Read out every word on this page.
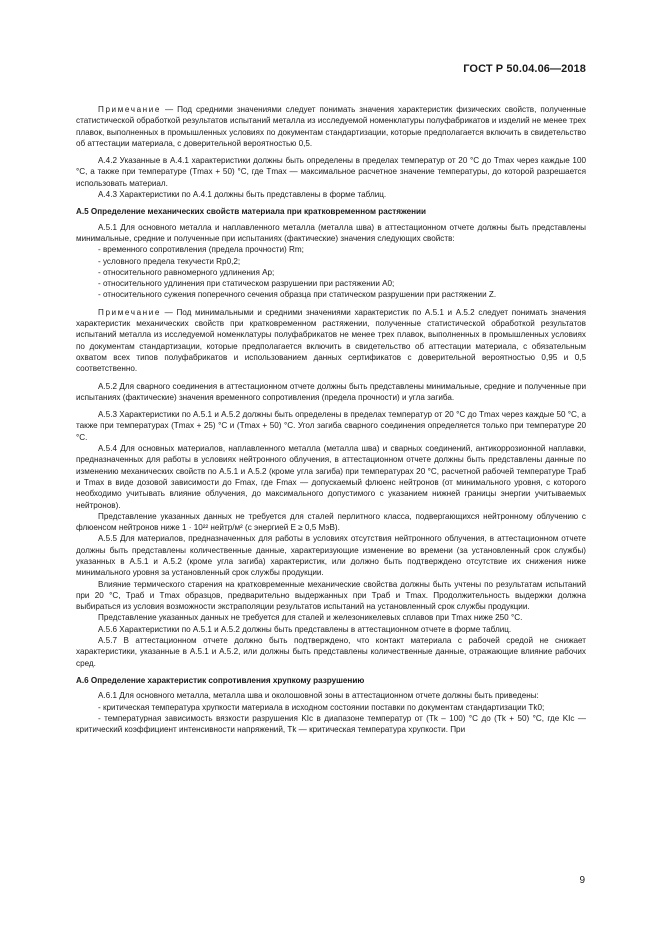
ГОСТ Р 50.04.06—2018

Примечание — Под средними значениями следует понимать значения характеристик физических свойств, полученные статистической обработкой результатов испытаний металла из исследуемой номенклатуры полуфабрикатов и изделий не менее трех плавок, выполненных в промышленных условиях по документам стандартизации, которые предполагается включить в свидетельство об аттестации материала, с доверительной вероятностью 0,5.

А.4.2 Указанные в А.4.1 характеристики должны быть определены в пределах температур от 20 °С до Tmax через каждые 100 °С, а также при температуре (Tmax + 50) °С, где Tmax — максимальное расчетное значение температуры, до которой разрешается использовать материал.

А.4.3 Характеристики по А.4.1 должны быть представлены в форме таблиц.

А.5 Определение механических свойств материала при кратковременном растяжении

А.5.1 Для основного металла и наплавленного металла (металла шва) в аттестационном отчете должны быть представлены минимальные, средние и полученные при испытаниях (фактические) значения следующих свойств:

- временного сопротивления (предела прочности) Rm;

- условного предела текучести Rp0,2;

- относительного равномерного удлинения Ap;

- относительного удлинения при статическом разрушении при растяжении A0;

- относительного сужения поперечного сечения образца при статическом разрушении при растяжении Z.

Примечание — Под минимальными и средними значениями характеристик по А.5.1 и А.5.2 следует понимать значения характеристик механических свойств при кратковременном растяжении, полученные статистической обработкой результатов испытаний металла из исследуемой номенклатуры полуфабрикатов не менее трех плавок, выполненных в промышленных условиях по документам стандартизации, которые предполагается включить в свидетельство об аттестации материала, с обязательным охватом всех типов полуфабрикатов и использованием данных сертификатов с доверительной вероятностью 0,95 и 0,5 соответственно.

А.5.2 Для сварного соединения в аттестационном отчете должны быть представлены минимальные, средние и полученные при испытаниях (фактические) значения временного сопротивления (предела прочности) и угла загиба.

А.5.3 Характеристики по А.5.1 и А.5.2 должны быть определены в пределах температур от 20 °С до Tmax через каждые 50 °С, а также при температурах (Tmax + 25) °С и (Tmax + 50) °С. Угол загиба сварного соединения определяется только при температуре 20 °С.

А.5.4 Для основных материалов, наплавленного металла (металла шва) и сварных соединений, антикоррозионной наплавки, предназначенных для работы в условиях нейтронного облучения, в аттестационном отчете должны быть представлены данные по изменению механических свойств по А.5.1 и А.5.2 (кроме угла загиба) при температурах 20 °С, расчетной рабочей температуре Tраб и Tmax в виде дозовой зависимости до Fmax, где Fmax — допускаемый флюенс нейтронов (от минимального уровня, с которого необходимо учитывать влияние облучения, до максимального допустимого с указанием нижней границы энергии учитываемых нейтронов).

Представление указанных данных не требуется для сталей перлитного класса, подвергающихся нейтронному облучению с флюенсом нейтронов ниже 1 · 10²² нейтр/м² (с энергией E ≥ 0,5 МэВ).

А.5.5 Для материалов, предназначенных для работы в условиях отсутствия нейтронного облучения, в аттестационном отчете должны быть представлены количественные данные, характеризующие изменение во времени (за установленный срок службы) указанных в А.5.1 и А.5.2 (кроме угла загиба) характеристик, или должно быть подтверждено отсутствие их снижения ниже минимального уровня за установленный срок службы продукции.

Влияние термического старения на кратковременные механические свойства должны быть учтены по результатам испытаний при 20 °С, Tраб и Tmax образцов, предварительно выдержанных при Tраб и Tmax. Продолжительность выдержки должна выбираться из условия возможности экстраполяции результатов испытаний на установленный срок службы продукции.

Представление указанных данных не требуется для сталей и железоникелевых сплавов при Tmax ниже 250 °С.

А.5.6 Характеристики по А.5.1 и А.5.2 должны быть представлены в аттестационном отчете в форме таблиц.

А.5.7 В аттестационном отчете должно быть подтверждено, что контакт материала с рабочей средой не снижает характеристики, указанные в А.5.1 и А.5.2, или должны быть представлены количественные данные, отражающие влияние рабочих сред.

А.6 Определение характеристик сопротивления хрупкому разрушению

А.6.1 Для основного металла, металла шва и околошовной зоны в аттестационном отчете должны быть приведены:

- критическая температура хрупкости материала в исходном состоянии поставки по документам стандартизации Tk0;

- температурная зависимость вязкости разрушения KIc в диапазоне температур от (Tk – 100) °С до (Tk + 50) °С, где KIc — критический коэффициент интенсивности напряжений, Tk — критическая температура хрупкости. При

9
